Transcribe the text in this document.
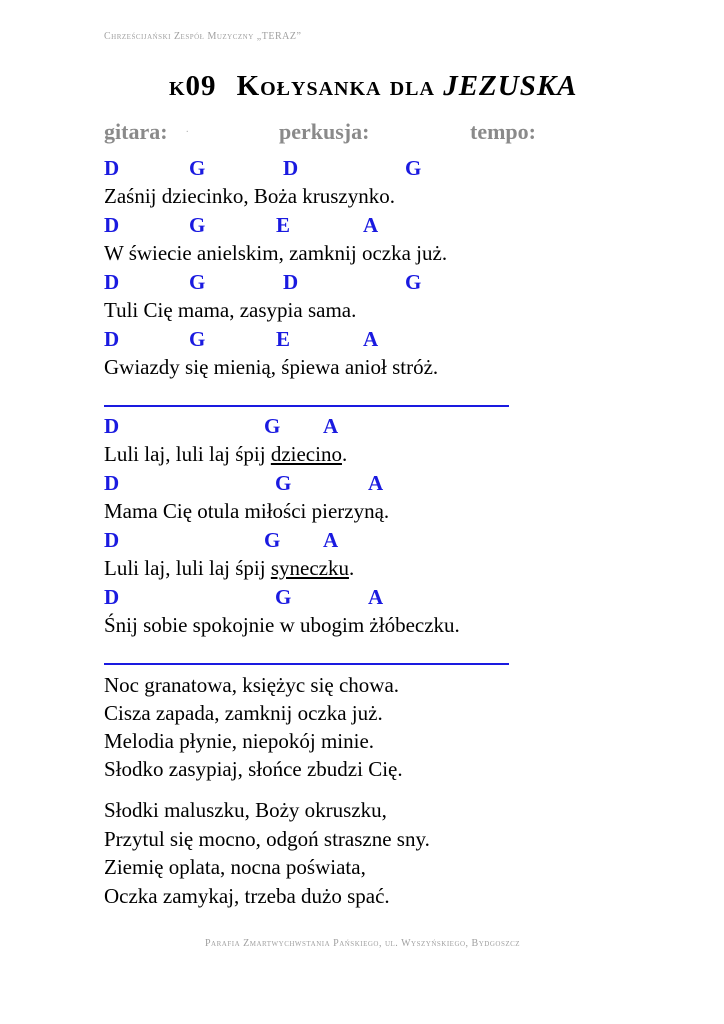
Chrześcijański Zespół Muzyczny „TERAZ”
k09 Kołysanka dla JEZUSKA
gitara: .	perkusja:	tempo:
D	G	D	G
Zaśnij dziecinko, Boża kruszynko.
D	G	E	A
W świecie anielskim, zamknij oczka już.
D	G	D	G
Tuli Cię mama, zasypia sama.
D	G	E	A
Gwiazdy się mienią, śpiewa anioł stróż.
D	G A
Luli laj, luli laj śpij dziecino.
D	G	A
Mama Cię otula miłości pierzyną.
D	G A
Luli laj, luli laj śpij syneczku.
D	G	A
Śnij sobie spokojnie w ubogim żłóbeczku.
Noc granatowa, księżyc się chowa.
Cisza zapada, zamknij oczka już.
Melodia płynie, niepokój minie.
Słodko zasypiaj, słońce zbudzi Cię.
Słodki maluszku, Boży okruszku,
Przytul się mocno, odgoń straszne sny.
Ziemię oplata, nocna poświata,
Oczka zamykaj, trzeba dużo spać.
Parafia Zmartwychwstania Pańskiego, ul. Wyszyńskiego, Bydgoszcz
